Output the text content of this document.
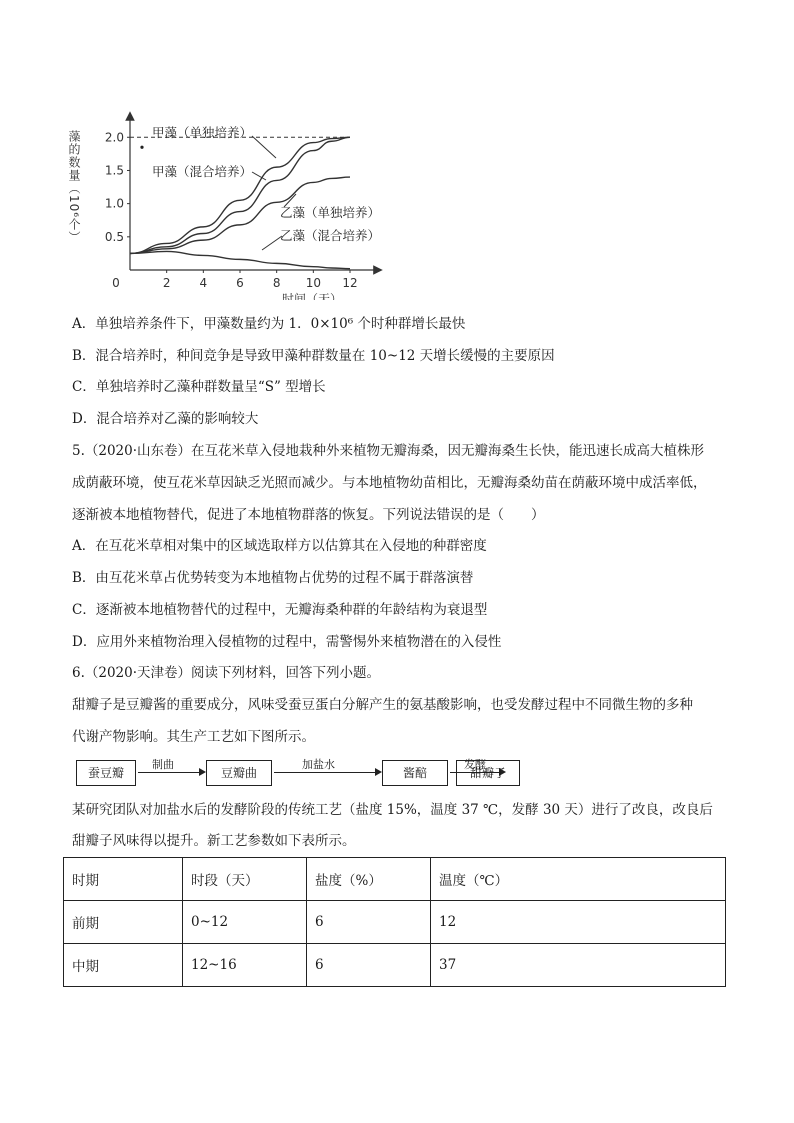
0.5
1.0
1.5
2.0
0	2 4 6 8 10 12
藻的数量（10⁶个）
时间（天）
甲藻（单独培养）
甲藻（混合培养）
乙藻（单独培养）
乙藻（混合培养）
A．单独培养条件下，甲藻数量约为 1．0×10⁶ 个时种群增长最快
B．混合培养时，种间竞争是导致甲藻种群数量在 10~12 天增长缓慢的主要原因
C．单独培养时乙藻种群数量呈“S” 型增长
D．混合培养对乙藻的影响较大
5.（2020·山东卷）在互花米草入侵地栽种外来植物无瓣海桑，因无瓣海桑生长快，能迅速长成高大植株形
成荫蔽环境，使互花米草因缺乏光照而减少。与本地植物幼苗相比，无瓣海桑幼苗在荫蔽环境中成活率低，
逐渐被本地植物替代，促进了本地植物群落的恢复。下列说法错误的是（　　）
A．在互花米草相对集中的区域选取样方以估算其在入侵地的种群密度
B．由互花米草占优势转变为本地植物占优势的过程不属于群落演替
C．逐渐被本地植物替代的过程中，无瓣海桑种群的年龄结构为衰退型
D．应用外来植物治理入侵植物的过程中，需警惕外来植物潜在的入侵性
6.（2020·天津卷）阅读下列材料，回答下列小题。
甜瓣子是豆瓣酱的重要成分，风味受蚕豆蛋白分解产生的氨基酸影响，也受发酵过程中不同微生物的多种
代谢产物影响。其生产工艺如下图所示。
蚕豆瓣
制曲
豆瓣曲
加盐水
酱醅
发酵
甜瓣子
某研究团队对加盐水后的发酵阶段的传统工艺（盐度 15%，温度 37 ℃，发酵 30 天）进行了改良，改良后
甜瓣子风味得以提升。新工艺参数如下表所示。
时期	时段（天）	盐度（%）	温度（℃）
前期	0~12	6	12
中期	12~16	6	37
